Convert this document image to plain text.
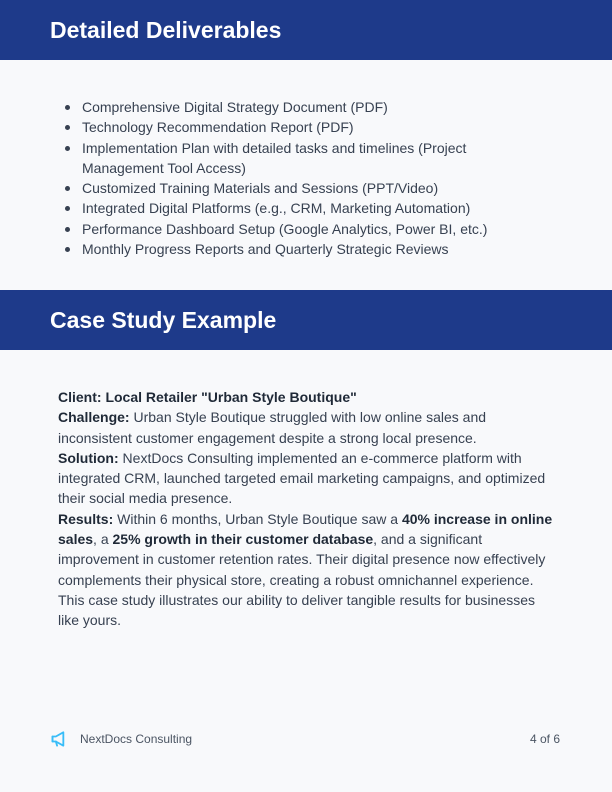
Detailed Deliverables
Comprehensive Digital Strategy Document (PDF)
Technology Recommendation Report (PDF)
Implementation Plan with detailed tasks and timelines (Project Management Tool Access)
Customized Training Materials and Sessions (PPT/Video)
Integrated Digital Platforms (e.g., CRM, Marketing Automation)
Performance Dashboard Setup (Google Analytics, Power BI, etc.)
Monthly Progress Reports and Quarterly Strategic Reviews
Case Study Example
Client: Local Retailer "Urban Style Boutique"
Challenge: Urban Style Boutique struggled with low online sales and inconsistent customer engagement despite a strong local presence.
Solution: NextDocs Consulting implemented an e-commerce platform with integrated CRM, launched targeted email marketing campaigns, and optimized their social media presence.
Results: Within 6 months, Urban Style Boutique saw a 40% increase in online sales, a 25% growth in their customer database, and a significant improvement in customer retention rates. Their digital presence now effectively complements their physical store, creating a robust omnichannel experience.
This case study illustrates our ability to deliver tangible results for businesses like yours.
NextDocs Consulting	4 of 6
